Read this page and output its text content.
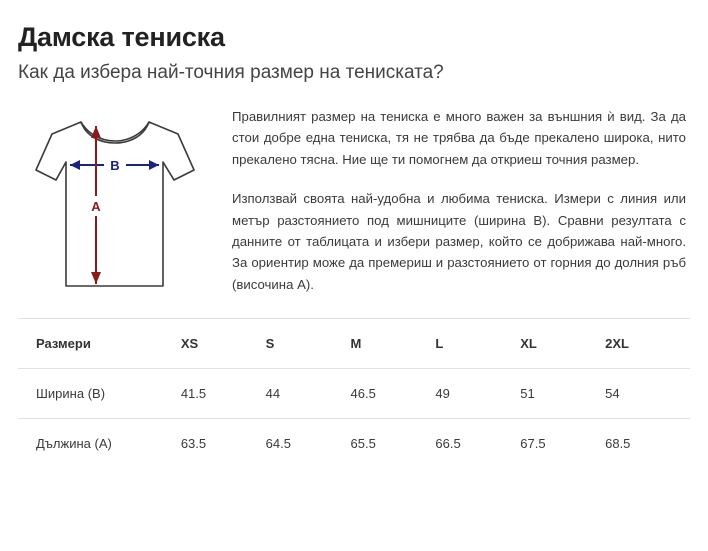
Дамска тениска
Как да избера най-точния размер на тениската?
B
A

Правилният размер на тениска е много важен за външния ѝ вид. За да стои добре една тениска, тя не трябва да бъде прекалено широка, нито прекалено тясна. Ние ще ти помогнем да откриеш точния размер.

Използвай своята най-удобна и любима тениска. Измери с линия или метър разстоянието под мишниците (ширина B). Сравни резултата с данните от таблицата и избери размер, който се добрижава най-много. За ориентир може да премериш и разстоянието от горния до долния ръб (височина A).

Размери	XS	S	M	L	XL	2XL
Ширина (B)	41.5	44	46.5	49	51	54
Дължина (A)	63.5	64.5	65.5	66.5	67.5	68.5
